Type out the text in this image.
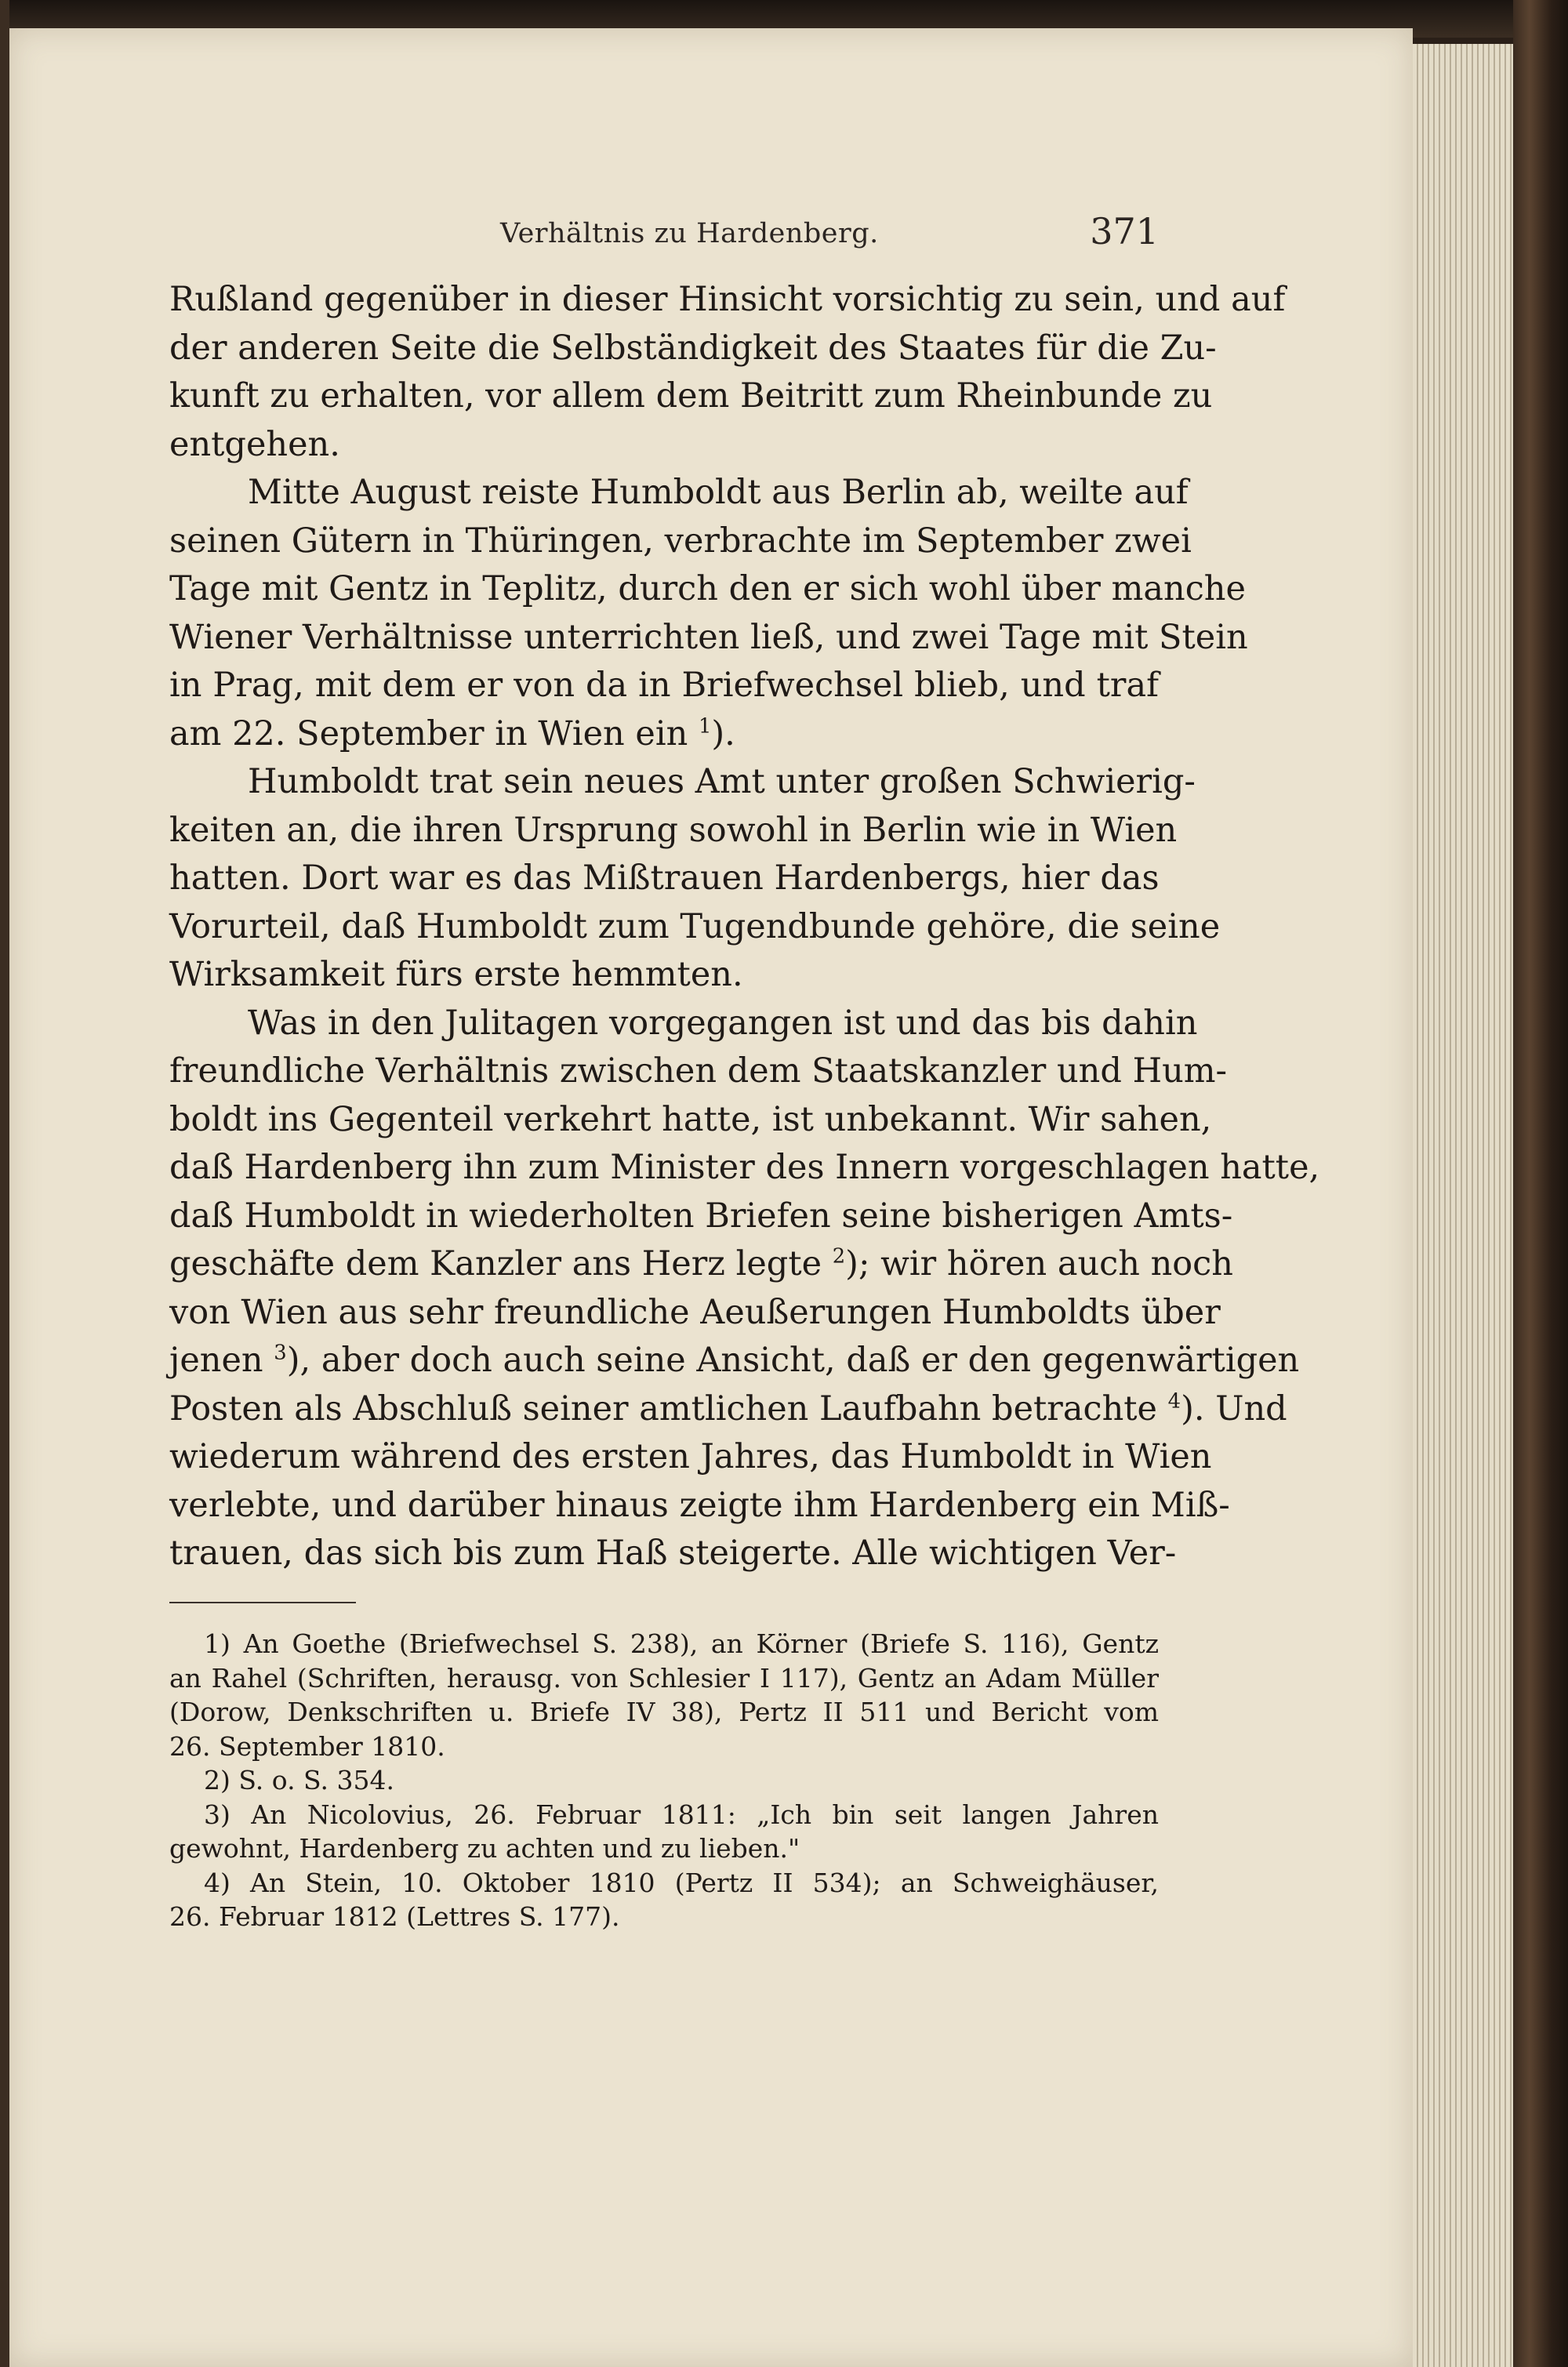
Verhältnis zu Hardenberg.	371
Rußland gegenüber in dieser Hinsicht vorsichtig zu sein, und auf
der anderen Seite die Selbständigkeit des Staates für die Zu-
kunft zu erhalten, vor allem dem Beitritt zum Rheinbunde zu
entgehen.
Mitte August reiste Humboldt aus Berlin ab, weilte auf
seinen Gütern in Thüringen, verbrachte im September zwei
Tage mit Gentz in Teplitz, durch den er sich wohl über manche
Wiener Verhältnisse unterrichten ließ, und zwei Tage mit Stein
in Prag, mit dem er von da in Briefwechsel blieb, und traf
am 22. September in Wien ein $^1$).
Humboldt trat sein neues Amt unter großen Schwierig-
keiten an, die ihren Ursprung sowohl in Berlin wie in Wien
hatten. Dort war es das Mißtrauen Hardenbergs, hier das
Vorurteil, daß Humboldt zum Tugendbunde gehöre, die seine
Wirksamkeit fürs erste hemmten.
Was in den Julitagen vorgegangen ist und das bis dahin
freundliche Verhältnis zwischen dem Staatskanzler und Hum-
boldt ins Gegenteil verkehrt hatte, ist unbekannt. Wir sahen,
daß Hardenberg ihn zum Minister des Innern vorgeschlagen hatte,
daß Humboldt in wiederholten Briefen seine bisherigen Amts-
geschäfte dem Kanzler ans Herz legte $^2$); wir hören auch noch
von Wien aus sehr freundliche Aeußerungen Humboldts über
jenen $^3$), aber doch auch seine Ansicht, daß er den gegenwärtigen
Posten als Abschluß seiner amtlichen Laufbahn betrachte $^4$ . Und
wiederum während des ersten Jahres, das Humboldt in Wien
verlebte, und darüber hinaus zeigte ihm Hardenberg ein Miß-
trauen, das sich bis zum Haß steigerte. Alle wichtigen Ver-
1) An Goethe (Briefwechsel S. 238), an Körner (Briefe S. 116), Gentz
an Rahel (Schriften, herausg. von Schlesier I 117), Gentz an Adam Müller
(Dorow, Denkschriften u. Briefe IV 38), Pertz II 511 und Bericht vom
26. September 1810.
2) S. o. S. 354.
3) An Nicolovius, 26. Februar 1811: „Ich bin seit langen Jahren
gewohnt, Hardenberg zu achten und zu lieben."
4) An Stein, 10. Oktober 1810 (Pertz II 534); an Schweighäuser,
26. Februar 1812 (Lettres S. 177).
